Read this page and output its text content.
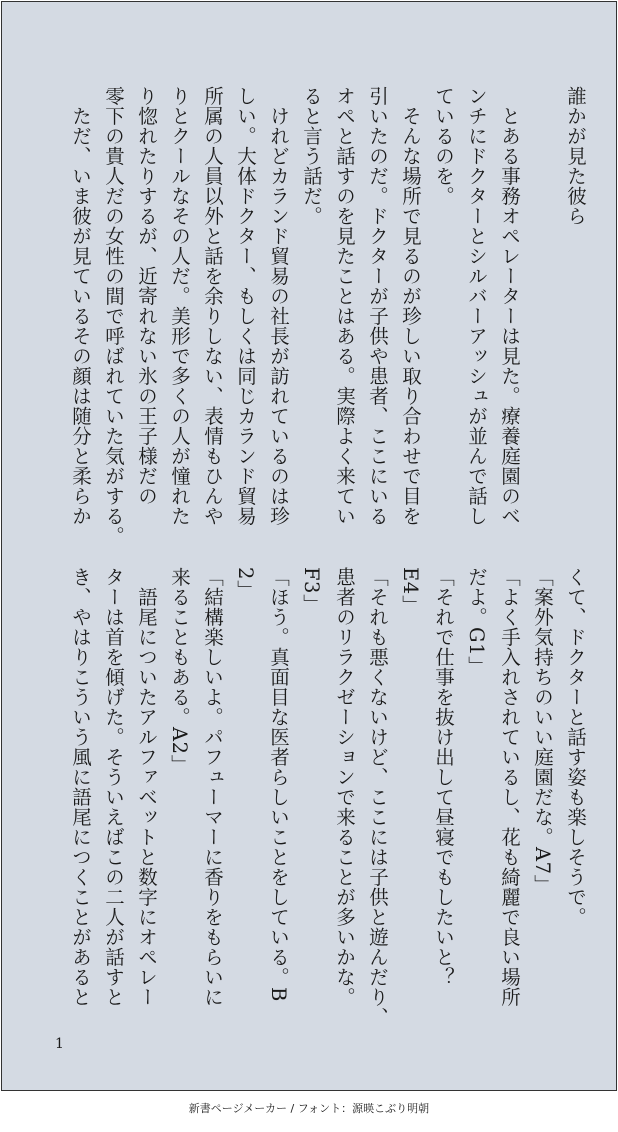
誰かが見た彼ら

　とある事務オペレーターは見た。療養庭園のベ
ンチにドクターとシルバーアッシュが並んで話し
ているのを。
　そんな場所で見るのが珍しい取り合わせで目を
引いたのだ。ドクターが子供や患者、ここにいる
オペと話すのを見たことはある。実際よく来てい
ると言う話だ。
　けれどカランド貿易の社長が訪れているのは珍
しい。大体ドクター、もしくは同じカランド貿易
所属の人員以外と話を余りしない、表情もひんや
りとクールなその人だ。美形で多くの人が憧れた
り惚れたりするが、近寄れない氷の王子様だの
零下の貴人だの女性の間で呼ばれていた気がする。
　ただ、いま彼が見ているその顔は随分と柔らか
くて、ドクターと話す姿も楽しそうで。
「案外気持ちのいい庭園だな。A7」
「よく手入れされているし、花も綺麗で良い場所
だよ。G1」
「それで仕事を抜け出して昼寝でもしたいと？
E4」
「それも悪くないけど、ここには子供と遊んだり、
患者のリラクゼーションで来ることが多いかな。
F3」
「ほう。真面目な医者らしいことをしている。B
2」
「結構楽しいよ。パフューマーに香りをもらいに
来ることもある。A2」
　語尾についたアルファベットと数字にオペレー
ターは首を傾げた。そういえばこの二人が話すと
き、やはりこういう風に語尾につくことがあると
1
新書ページメーカー / フォント：源暎こぶり明朝
